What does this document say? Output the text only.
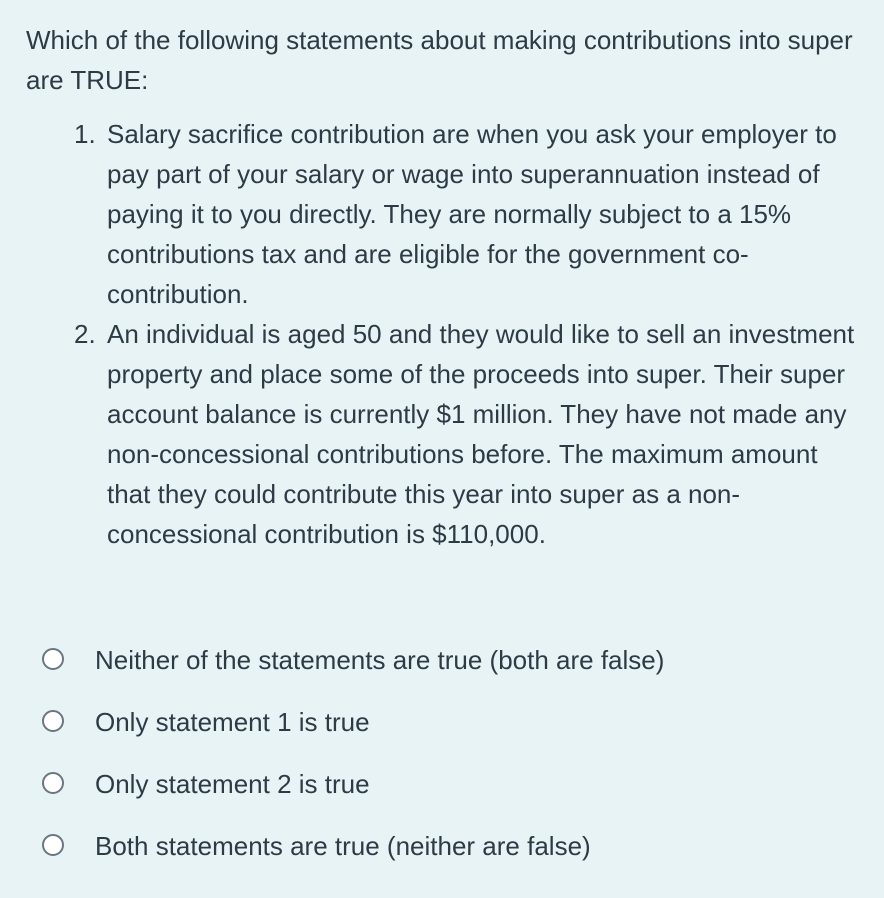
Which of the following statements about making contributions into super are TRUE:
1. Salary sacrifice contribution are when you ask your employer to pay part of your salary or wage into superannuation instead of paying it to you directly. They are normally subject to a 15% contributions tax and are eligible for the government co-contribution.
2. An individual is aged 50 and they would like to sell an investment property and place some of the proceeds into super. Their super account balance is currently $1 million. They have not made any non-concessional contributions before. The maximum amount that they could contribute this year into super as a non-concessional contribution is $110,000.
Neither of the statements are true (both are false)
Only statement 1 is true
Only statement 2 is true
Both statements are true (neither are false)
